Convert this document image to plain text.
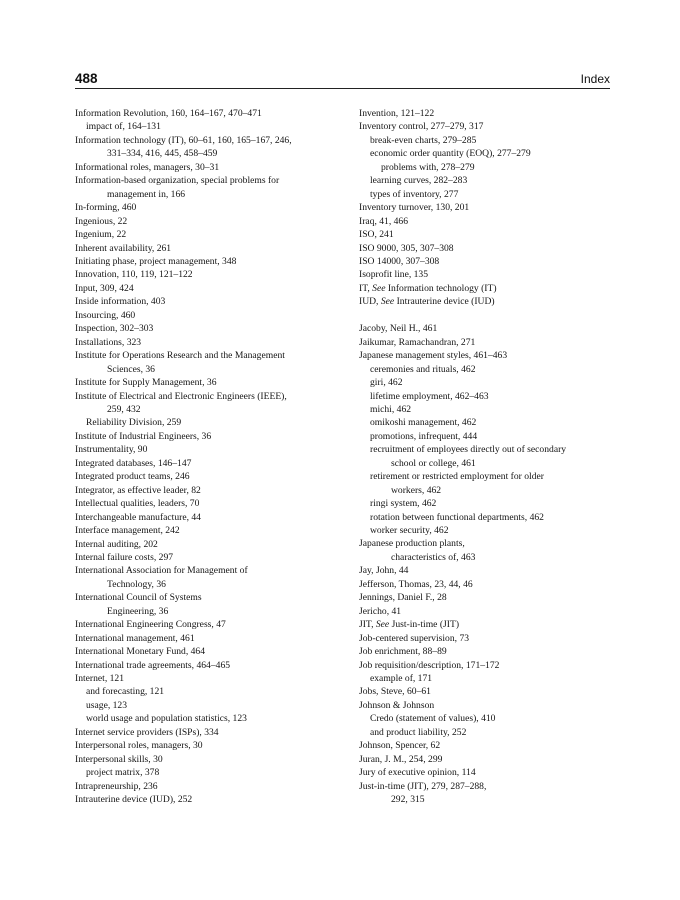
488	Index
Information Revolution, 160, 164–167, 470–471
impact of, 164–131
Information technology (IT), 60–61, 160, 165–167, 246,
331–334, 416, 445, 458–459
Informational roles, managers, 30–31
Information-based organization, special problems for
management in, 166
In-forming, 460
Ingenious, 22
Ingenium, 22
Inherent availability, 261
Initiating phase, project management, 348
Innovation, 110, 119, 121–122
Input, 309, 424
Inside information, 403
Insourcing, 460
Inspection, 302–303
Installations, 323
Institute for Operations Research and the Management
Sciences, 36
Institute for Supply Management, 36
Institute of Electrical and Electronic Engineers (IEEE),
259, 432
Reliability Division, 259
Institute of Industrial Engineers, 36
Instrumentality, 90
Integrated databases, 146–147
Integrated product teams, 246
Integrator, as effective leader, 82
Intellectual qualities, leaders, 70
Interchangeable manufacture, 44
Interface management, 242
Internal auditing, 202
Internal failure costs, 297
International Association for Management of
Technology, 36
International Council of Systems
Engineering, 36
International Engineering Congress, 47
International management, 461
International Monetary Fund, 464
International trade agreements, 464–465
Internet, 121
and forecasting, 121
usage, 123
world usage and population statistics, 123
Internet service providers (ISPs), 334
Interpersonal roles, managers, 30
Interpersonal skills, 30
project matrix, 378
Intrapreneurship, 236
Intrauterine device (IUD), 252
Invention, 121–122
Inventory control, 277–279, 317
break-even charts, 279–285
economic order quantity (EOQ), 277–279
problems with, 278–279
learning curves, 282–283
types of inventory, 277
Inventory turnover, 130, 201
Iraq, 41, 466
ISO, 241
ISO 9000, 305, 307–308
ISO 14000, 307–308
Isoprofit line, 135
IT, See Information technology (IT)
IUD, See Intrauterine device (IUD)
Jacoby, Neil H., 461
Jaikumar, Ramachandran, 271
Japanese management styles, 461–463
ceremonies and rituals, 462
giri, 462
lifetime employment, 462–463
michi, 462
omikoshi management, 462
promotions, infrequent, 444
recruitment of employees directly out of secondary
school or college, 461
retirement or restricted employment for older
workers, 462
ringi system, 462
rotation between functional departments, 462
worker security, 462
Japanese production plants,
characteristics of, 463
Jay, John, 44
Jefferson, Thomas, 23, 44, 46
Jennings, Daniel F., 28
Jericho, 41
JIT, See Just-in-time (JIT)
Job-centered supervision, 73
Job enrichment, 88–89
Job requisition/description, 171–172
example of, 171
Jobs, Steve, 60–61
Johnson & Johnson
Credo (statement of values), 410
and product liability, 252
Johnson, Spencer, 62
Juran, J. M., 254, 299
Jury of executive opinion, 114
Just-in-time (JIT), 279, 287–288,
292, 315
